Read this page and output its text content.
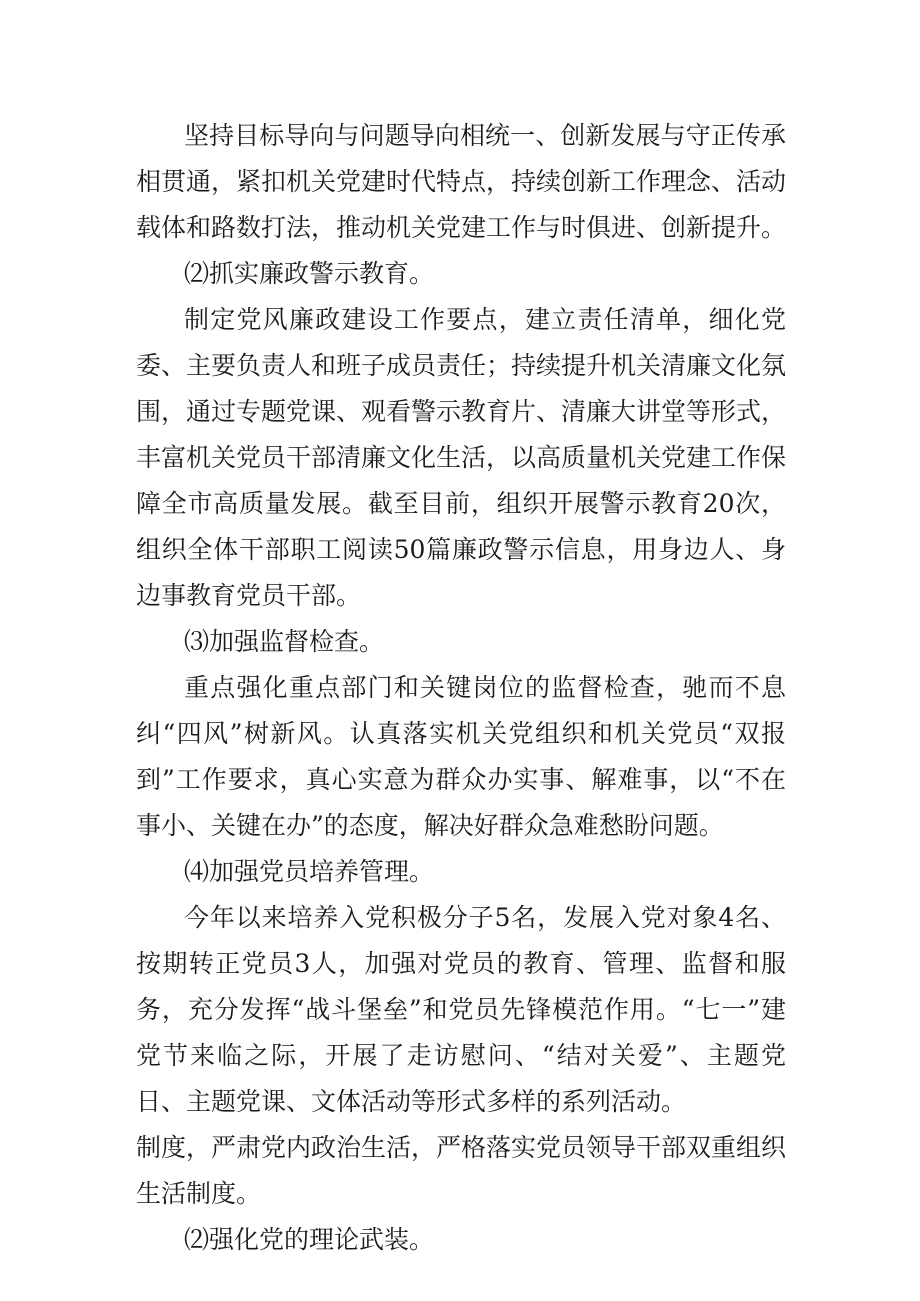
坚持目标导向与问题导向相统一、创新发展与守正传承相贯通，紧扣机关党建时代特点，持续创新工作理念、活动载体和路数打法，推动机关党建工作与时俱进、创新提升。

⑵抓实廉政警示教育。

制定党风廉政建设工作要点，建立责任清单，细化党委、主要负责人和班子成员责任；持续提升机关清廉文化氛围，通过专题党课、观看警示教育片、清廉大讲堂等形式，丰富机关党员干部清廉文化生活，以高质量机关党建工作保障全市高质量发展。截至目前，组织开展警示教育20次，组织全体干部职工阅读50篇廉政警示信息，用身边人、身边事教育党员干部。

⑶加强监督检查。

重点强化重点部门和关键岗位的监督检查，驰而不息纠“四风”树新风。认真落实机关党组织和机关党员“双报到”工作要求，真心实意为群众办实事、解难事，以“不在事小、关键在办”的态度，解决好群众急难愁盼问题。

⑷加强党员培养管理。

今年以来培养入党积极分子5名，发展入党对象4名、按期转正党员3人，加强对党员的教育、管理、监督和服务，充分发挥“战斗堡垒”和党员先锋模范作用。“七一”建党节来临之际，开展了走访慰问、“结对关爱”、主题党日、主题党课、文体活动等形式多样的系列活动。

制度，严肃党内政治生活，严格落实党员领导干部双重组织生活制度。

⑵强化党的理论武装。
